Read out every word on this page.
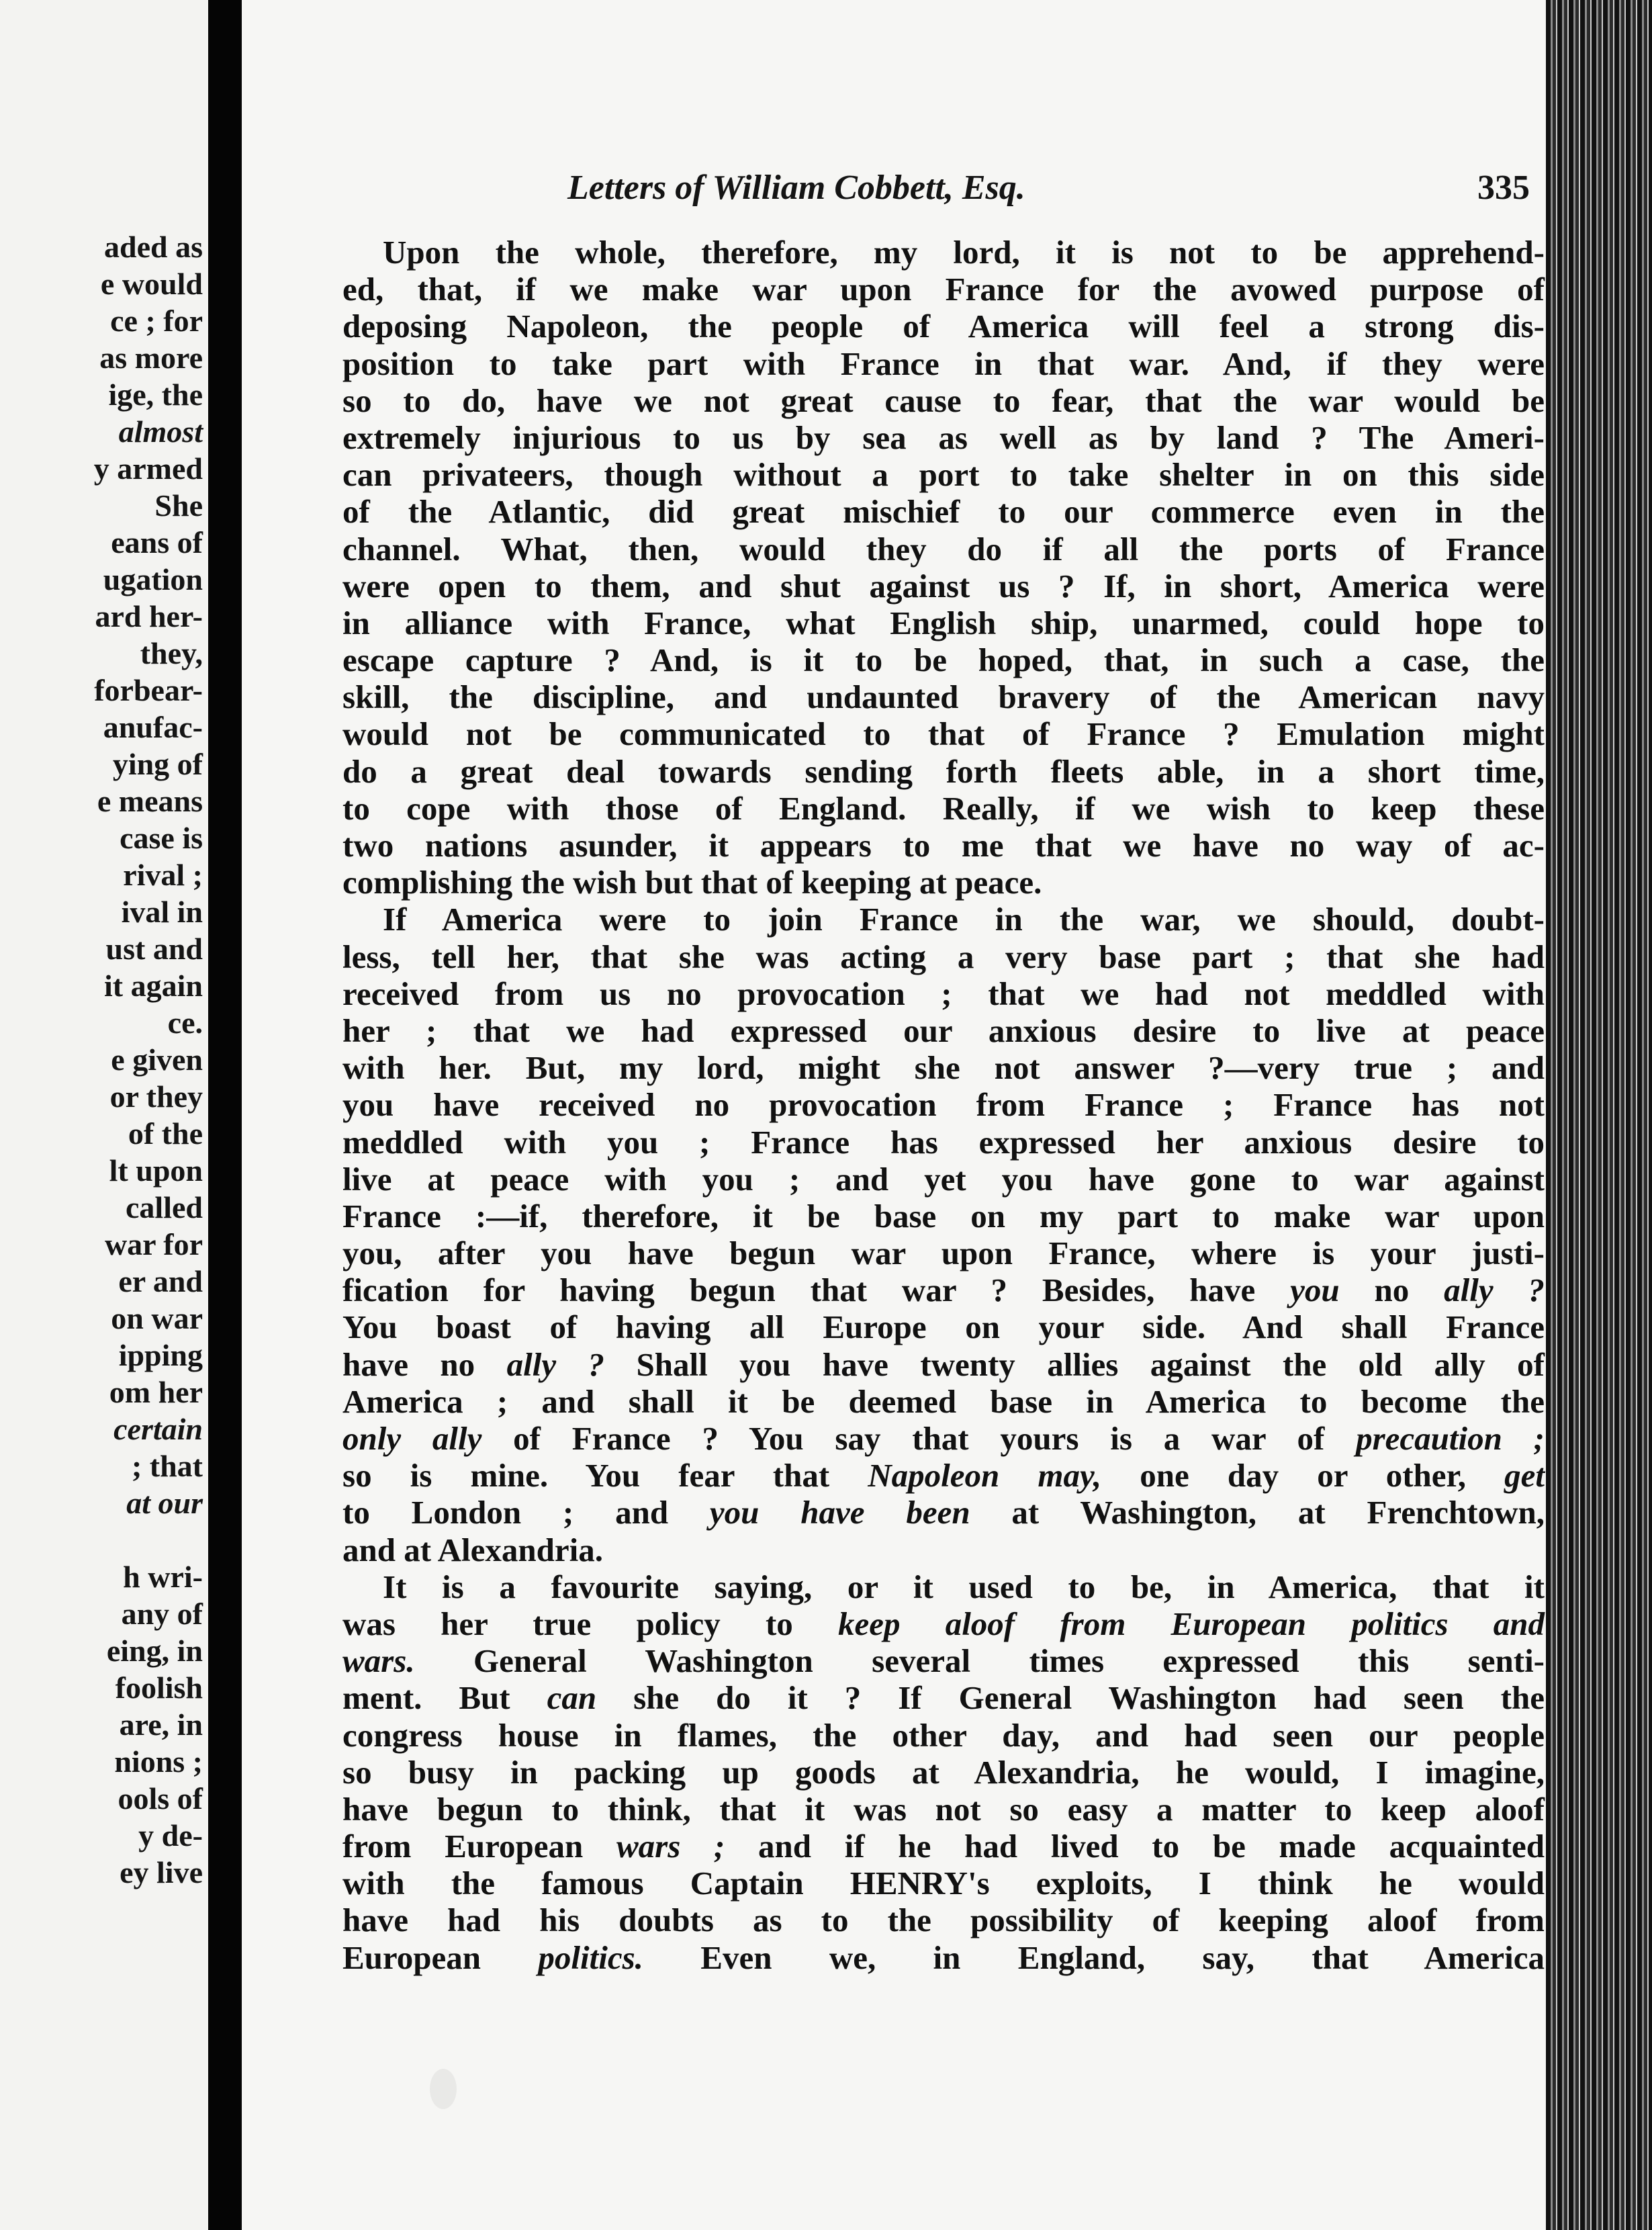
aded as
e would
ce ; for
as more
ige, the
almost
y armed
She
eans of
ugation
ard her-
they,
forbear-
anufac-
ying of
e means
case is
rival ;
ival in
ust and
it again
ce.
e given
or they
of the
lt upon
called
war for
er and
on war
ipping
om her
certain
; that
at our
h wri-
any of
eing, in
foolish
are, in
nions ;
ools of
y de-
ey live
Letters of William Cobbett, Esq.	335
Upon the whole, therefore, my lord, it is not to be apprehend-
ed, that, if we make war upon France for the avowed purpose of
deposing Napoleon, the people of America will feel a strong dis-
position to take part with France in that war. And, if they were
so to do, have we not great cause to fear, that the war would be
extremely injurious to us by sea as well as by land ? The Ameri-
can privateers, though without a port to take shelter in on this side
of the Atlantic, did great mischief to our commerce even in the
channel. What, then, would they do if all the ports of France
were open to them, and shut against us ? If, in short, America were
in alliance with France, what English ship, unarmed, could hope to
escape capture ? And, is it to be hoped, that, in such a case, the
skill, the discipline, and undaunted bravery of the American navy
would not be communicated to that of France ? Emulation might
do a great deal towards sending forth fleets able, in a short time,
to cope with those of England. Really, if we wish to keep these
two nations asunder, it appears to me that we have no way of ac-
complishing the wish but that of keeping at peace.
If America were to join France in the war, we should, doubt-
less, tell her, that she was acting a very base part ; that she had
received from us no provocation ; that we had not meddled with
her ; that we had expressed our anxious desire to live at peace
with her. But, my lord, might she not answer ?—very true ; and
you have received no provocation from France ; France has not
meddled with you ; France has expressed her anxious desire to
live at peace with you ; and yet you have gone to war against
France :—if, therefore, it be base on my part to make war upon
you, after you have begun war upon France, where is your justi-
fication for having begun that war ? Besides, have you no ally ?
You boast of having all Europe on your side. And shall France
have no ally ? Shall you have twenty allies against the old ally of
America ; and shall it be deemed base in America to become the
only ally of France ? You say that yours is a war of precaution ;
so is mine. You fear that Napoleon may, one day or other, get
to London ; and you have been at Washington, at Frenchtown,
and at Alexandria.
It is a favourite saying, or it used to be, in America, that it
was her true policy to keep aloof from European politics and
wars. General Washington several times expressed this senti-
ment. But can she do it ? If General Washington had seen the
congress house in flames, the other day, and had seen our people
so busy in packing up goods at Alexandria, he would, I imagine,
have begun to think, that it was not so easy a matter to keep aloof
from European wars ; and if he had lived to be made acquainted
with the famous Captain HENRY's exploits, I think he would
have had his doubts as to the possibility of keeping aloof from
European politics. Even we, in England, say, that America
